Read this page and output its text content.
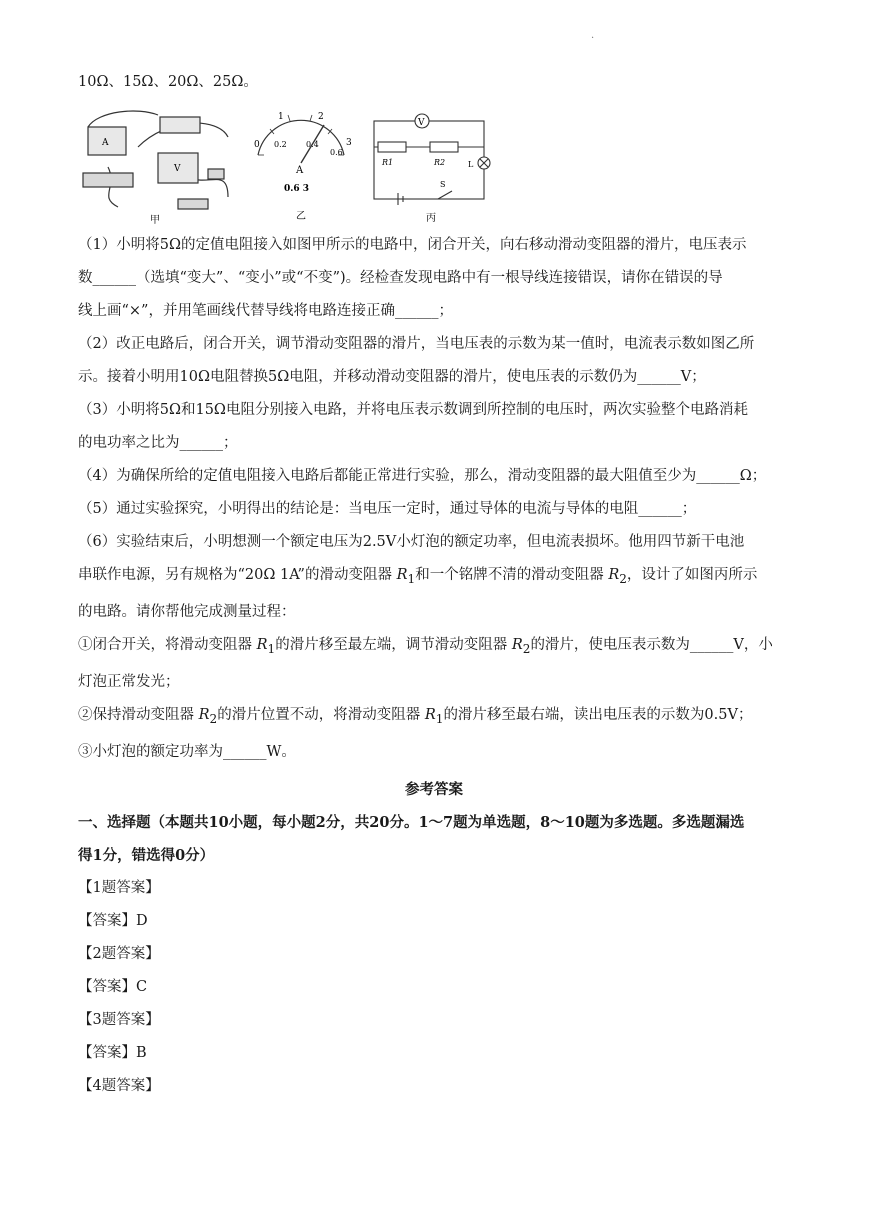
.

10Ω、15Ω、20Ω、25Ω。

A
V
甲
0
1	2
3
0.2 0.4
0.6
A
0.6 3
乙
V
R1	R2
S
L
丙

（1）小明将5Ω的定值电阻接入如图甲所示的电路中，闭合开关，向右移动滑动变阻器的滑片，电压表示

数______（选填“变大”、“变小”或“不变”)。经检查发现电路中有一根导线连接错误，请你在错误的导

线上画“×”，并用笔画线代替导线将电路连接正确______；

（2）改正电路后，闭合开关，调节滑动变阻器的滑片，当电压表的示数为某一值时，电流表示数如图乙所

示。接着小明用10Ω电阻替换5Ω电阻，并移动滑动变阻器的滑片，使电压表的示数仍为______V；

（3）小明将5Ω和15Ω电阻分别接入电路，并将电压表示数调到所控制的电压时，两次实验整个电路消耗

的电功率之比为______；

（4）为确保所给的定值电阻接入电路后都能正常进行实验，那么，滑动变阻器的最大阻值至少为______Ω；

（5）通过实验探究，小明得出的结论是：当电压一定时，通过导体的电流与导体的电阻______；

（6）实验结束后，小明想测一个额定电压为2.5V小灯泡的额定功率，但电流表损坏。他用四节新干电池

串联作电源，另有规格为“20Ω 1A”的滑动变阻器 $R_1$和一个铭牌不清的滑动变阻器 $R_2$，设计了如图丙所示

的电路。请你帮他完成测量过程：

①闭合开关，将滑动变阻器 $R_1$的滑片移至最左端，调节滑动变阻器 $R_2$的滑片，使电压表示数为______V，小

灯泡正常发光；

②保持滑动变阻器 $R_2$的滑片位置不动，将滑动变阻器 $R_1$的滑片移至最右端，读出电压表的示数为0.5V；

③小灯泡的额定功率为______W。

参考答案

一、选择题（本题共10小题，每小题2分，共20分。1～7题为单选题，8～10题为多选题。多选题漏选

得1分，错选得0分）

【1题答案】

【答案】D

【2题答案】

【答案】C

【3题答案】

【答案】B

【4题答案】
